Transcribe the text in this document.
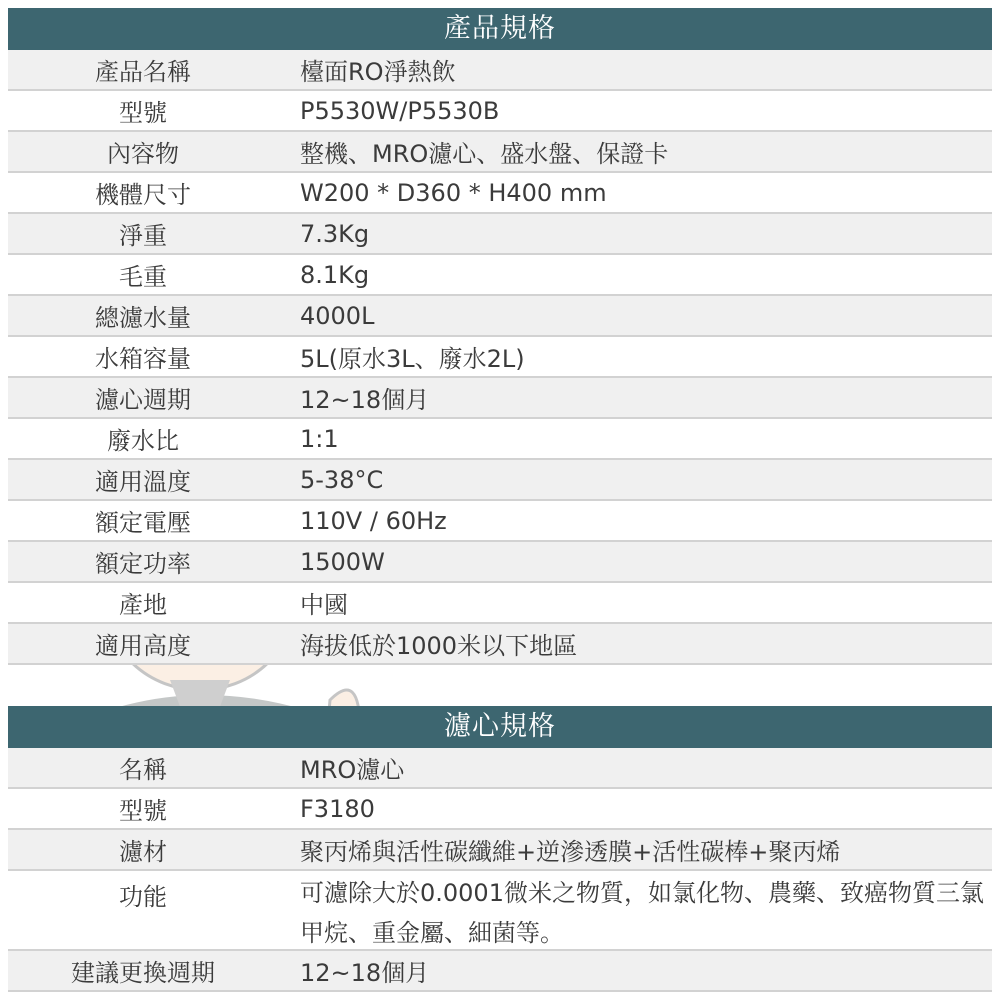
產品規格
產品名稱	檯面RO淨熱飲
型號	P5530W/P5530B
內容物	整機、MRO濾心、盛水盤、保證卡
機體尺寸	W200 * D360 * H400 mm
淨重	7.3Kg
毛重	8.1Kg
總濾水量	4000L
水箱容量	5L(原水3L、廢水2L)
濾心週期	12~18個月
廢水比	1:1
適用溫度	5-38°C
額定電壓	110V / 60Hz
額定功率	1500W
產地	中國
適用高度	海拔低於1000米以下地區
濾心規格
名稱	MRO濾心
型號	F3180
濾材	聚丙烯與活性碳纖維+逆滲透膜+活性碳棒+聚丙烯
功能	可濾除大於0.0001微米之物質，如氯化物、農藥、致癌物質三氯
甲烷、重金屬、細菌等。
建議更換週期	12~18個月
